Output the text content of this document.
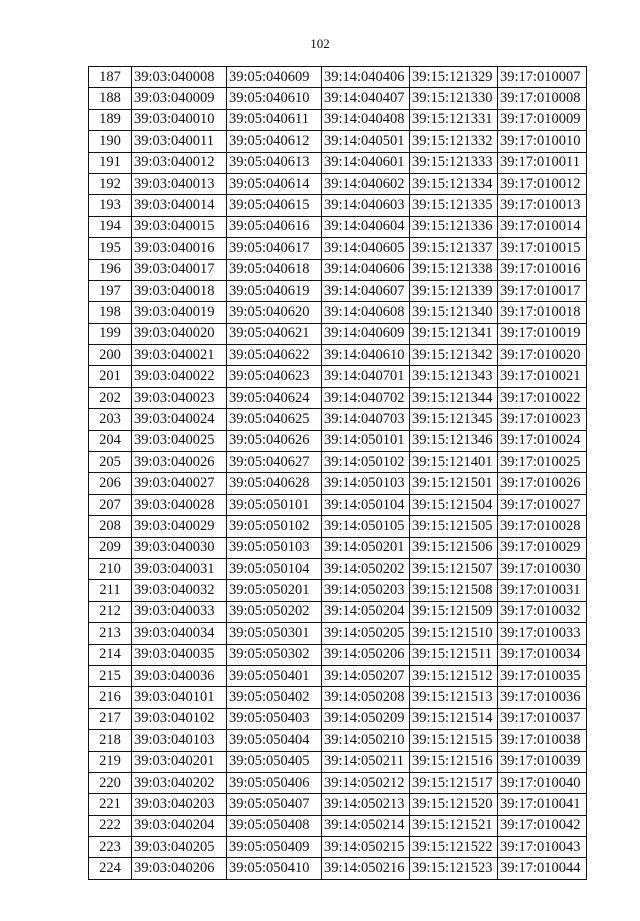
102
187	39:03:040008	39:05:040609	39:14:040406	39:15:121329	39:17:010007
188	39:03:040009	39:05:040610	39:14:040407	39:15:121330	39:17:010008
189	39:03:040010	39:05:040611	39:14:040408	39:15:121331	39:17:010009
190	39:03:040011	39:05:040612	39:14:040501	39:15:121332	39:17:010010
191	39:03:040012	39:05:040613	39:14:040601	39:15:121333	39:17:010011
192	39:03:040013	39:05:040614	39:14:040602	39:15:121334	39:17:010012
193	39:03:040014	39:05:040615	39:14:040603	39:15:121335	39:17:010013
194	39:03:040015	39:05:040616	39:14:040604	39:15:121336	39:17:010014
195	39:03:040016	39:05:040617	39:14:040605	39:15:121337	39:17:010015
196	39:03:040017	39:05:040618	39:14:040606	39:15:121338	39:17:010016
197	39:03:040018	39:05:040619	39:14:040607	39:15:121339	39:17:010017
198	39:03:040019	39:05:040620	39:14:040608	39:15:121340	39:17:010018
199	39:03:040020	39:05:040621	39:14:040609	39:15:121341	39:17:010019
200	39:03:040021	39:05:040622	39:14:040610	39:15:121342	39:17:010020
201	39:03:040022	39:05:040623	39:14:040701	39:15:121343	39:17:010021
202	39:03:040023	39:05:040624	39:14:040702	39:15:121344	39:17:010022
203	39:03:040024	39:05:040625	39:14:040703	39:15:121345	39:17:010023
204	39:03:040025	39:05:040626	39:14:050101	39:15:121346	39:17:010024
205	39:03:040026	39:05:040627	39:14:050102	39:15:121401	39:17:010025
206	39:03:040027	39:05:040628	39:14:050103	39:15:121501	39:17:010026
207	39:03:040028	39:05:050101	39:14:050104	39:15:121504	39:17:010027
208	39:03:040029	39:05:050102	39:14:050105	39:15:121505	39:17:010028
209	39:03:040030	39:05:050103	39:14:050201	39:15:121506	39:17:010029
210	39:03:040031	39:05:050104	39:14:050202	39:15:121507	39:17:010030
211	39:03:040032	39:05:050201	39:14:050203	39:15:121508	39:17:010031
212	39:03:040033	39:05:050202	39:14:050204	39:15:121509	39:17:010032
213	39:03:040034	39:05:050301	39:14:050205	39:15:121510	39:17:010033
214	39:03:040035	39:05:050302	39:14:050206	39:15:121511	39:17:010034
215	39:03:040036	39:05:050401	39:14:050207	39:15:121512	39:17:010035
216	39:03:040101	39:05:050402	39:14:050208	39:15:121513	39:17:010036
217	39:03:040102	39:05:050403	39:14:050209	39:15:121514	39:17:010037
218	39:03:040103	39:05:050404	39:14:050210	39:15:121515	39:17:010038
219	39:03:040201	39:05:050405	39:14:050211	39:15:121516	39:17:010039
220	39:03:040202	39:05:050406	39:14:050212	39:15:121517	39:17:010040
221	39:03:040203	39:05:050407	39:14:050213	39:15:121520	39:17:010041
222	39:03:040204	39:05:050408	39:14:050214	39:15:121521	39:17:010042
223	39:03:040205	39:05:050409	39:14:050215	39:15:121522	39:17:010043
224	39:03:040206	39:05:050410	39:14:050216	39:15:121523	39:17:010044
